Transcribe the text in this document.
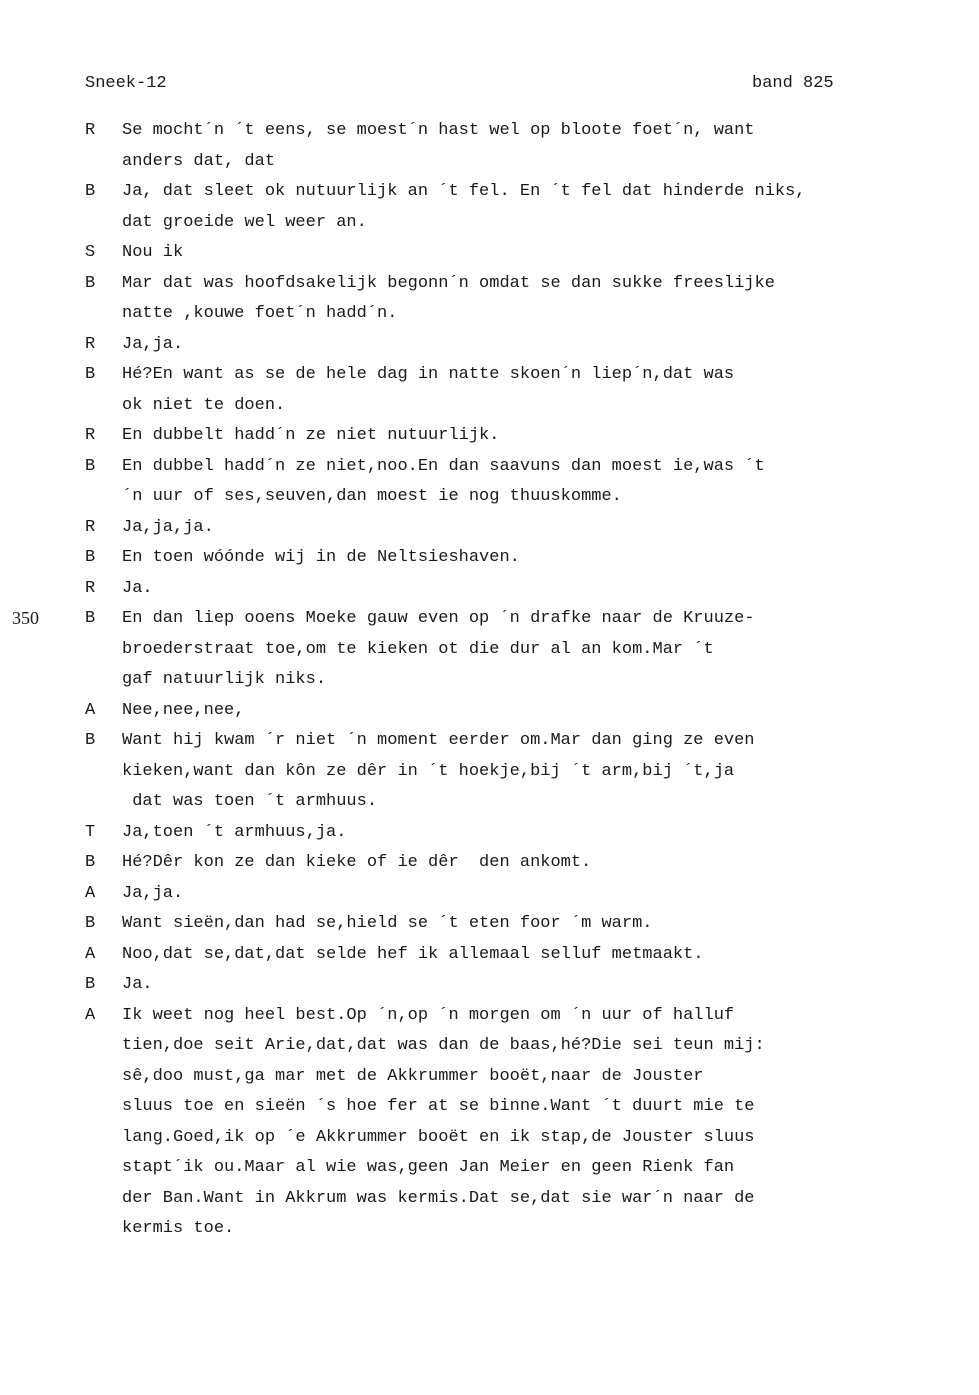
Sneek-12	band 825
350
R	Se mocht´n ´t eens, se moest´n hast wel op bloote foet´n, want
anders dat, dat
B	Ja, dat sleet ok nutuurlijk an ´t fel. En ´t fel dat hinderde niks,
dat groeide wel weer an.
S	Nou ik
B	Mar dat was hoofdsakelijk begonn´n omdat se dan sukke freeslijke
natte ,kouwe foet´n hadd´n.
R	Ja,ja.
B	Hé?En want as se de hele dag in natte skoen´n liep´n,dat was
ok niet te doen.
R	En dubbelt hadd´n ze niet nutuurlijk.
B	En dubbel hadd´n ze niet,noo.En dan saavuns dan moest ie,was ´t
´n uur of ses,seuven,dan moest ie nog thuuskomme.
R	Ja,ja,ja.
B	En toen wóónde wij in de Neltsieshaven.
R	Ja.
B	En dan liep ooens Moeke gauw even op ´n drafke naar de Kruuze-
broederstraat toe,om te kieken ot die dur al an kom.Mar ´t
gaf natuurlijk niks.
A	Nee,nee,nee,
B	Want hij kwam ´r niet ´n moment eerder om.Mar dan ging ze even
kieken,want dan kôn ze dêr in ´t hoekje,bij ´t arm,bij ´t,ja
dat was toen ´t armhuus.
T	Ja,toen ´t armhuus,ja.
B	Hé?Dêr kon ze dan kieke of ie dêr  den ankomt.
A	Ja,ja.
B	Want sieën,dan had se,hield se ´t eten foor ´m warm.
A	Noo,dat se,dat,dat selde hef ik allemaal selluf metmaakt.
B	Ja.
A	Ik weet nog heel best.Op ´n,op ´n morgen om ´n uur of halluf
tien,doe seit Arie,dat,dat was dan de baas,hé?Die sei teun mij:
sê,doo must,ga mar met de Akkrummer booët,naar de Jouster
sluus toe en sieën ´s hoe fer at se binne.Want ´t duurt mie te
lang.Goed,ik op ´e Akkrummer booët en ik stap,de Jouster sluus
stapt´ik ou.Maar al wie was,geen Jan Meier en geen Rienk fan
der Ban.Want in Akkrum was kermis.Dat se,dat sie war´n naar de
kermis toe.
